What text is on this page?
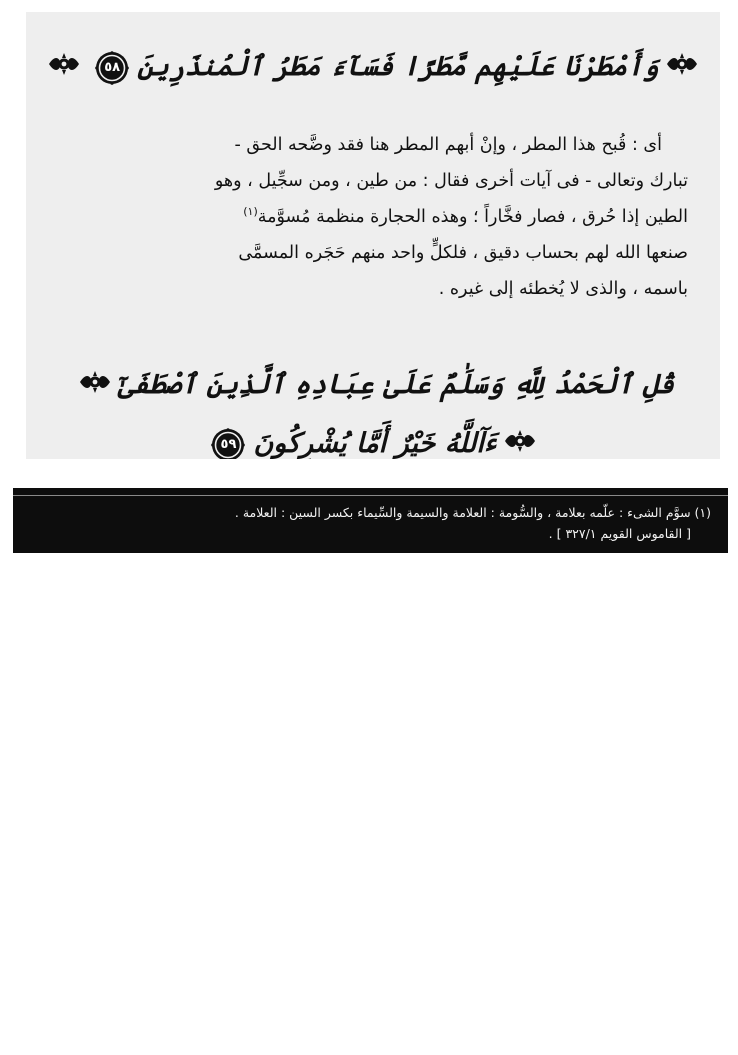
وَأَمْطَرْنَا عَلَيْهِم مَّطَرًا فَسَآءَ مَطَرُ ٱلْمُنذَرِينَ
٥٨
أى : قُبح هذا المطر ، وإنْ أبهم المطر هنا فقد وضَّحه الحق -
تبارك وتعالى - فى آيات أخرى فقال : من طين ، ومن سجِّيل ، وهو
الطين إذا حُرق ، فصار فخَّاراً ؛ وهذه الحجارة منظمة مُسوَّمة$^{(١)}$
صنعها الله لهم بحساب دقيق ، فلكلٍّ واحد منهم حَجَره المسمَّى
باسمه ، والذى لا يُخطئه إلى غيره .
قُلِ ٱلْحَمْدُ لِلَّهِ وَسَلَٰمٌ عَلَىٰ عِبَادِهِ ٱلَّذِينَ ٱصْطَفَىٰٓ
ءَآللَّهُ خَيْرٌ أَمَّا يُشْرِكُونَ
٥٩
(١) سوَّم الشىء : علّمه بعلامة ، والسُّومة : العلامة والسيمة والسِّيماء بكسر السين : العلامة .
[ القاموس القويم ٣٢٧/١ ] .
